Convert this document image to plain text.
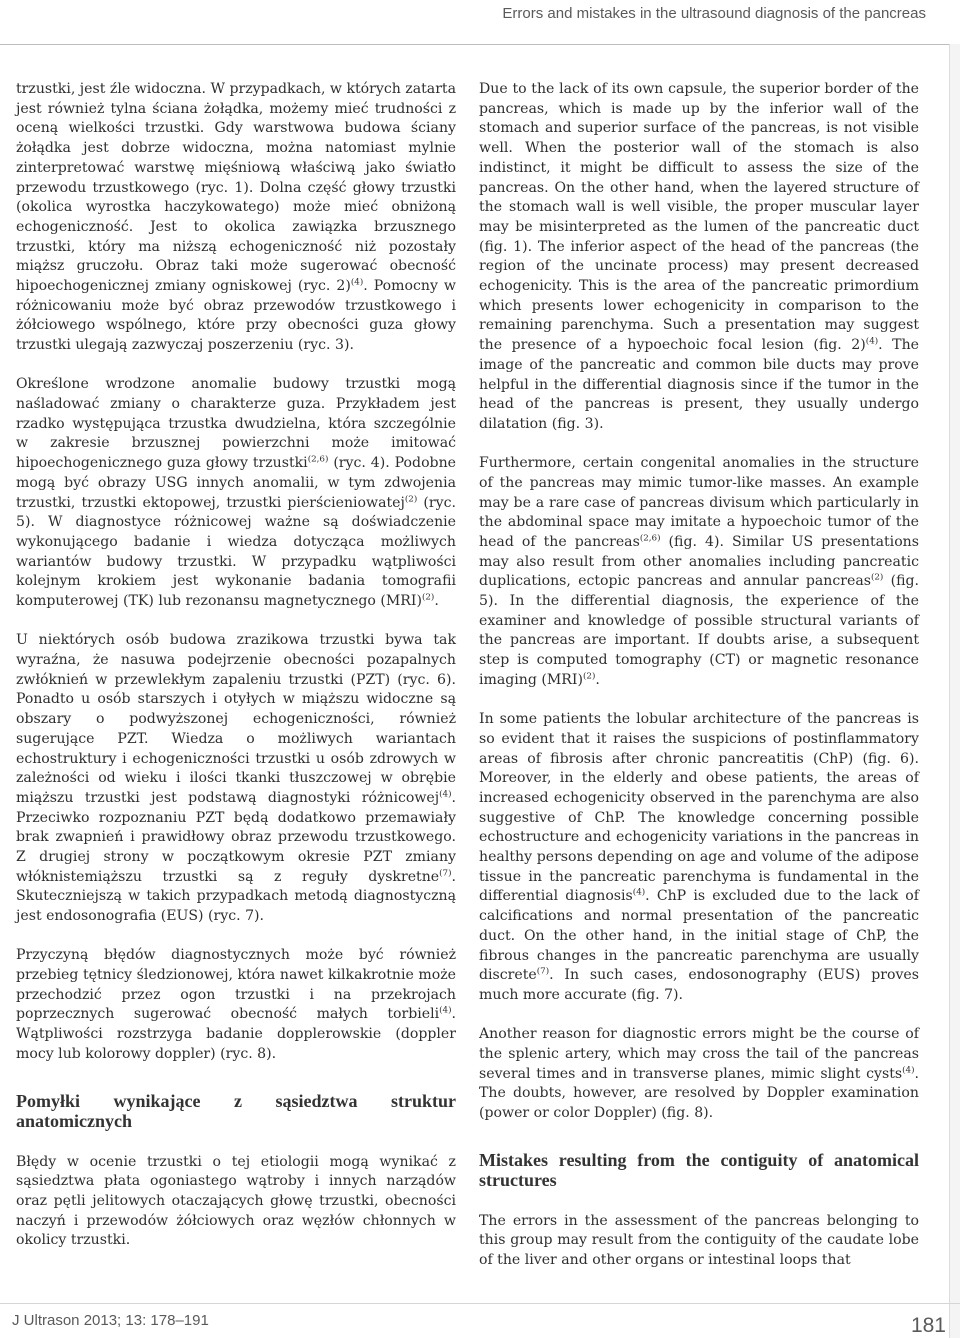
Errors and mistakes in the ultrasound diagnosis of the pancreas

trzustki, jest źle widoczna. W przypadkach, w których zatarta jest również tylna ściana żołądka, możemy mieć trudności z oceną wielkości trzustki. Gdy warstwowa budowa ściany żołądka jest dobrze widoczna, można natomiast mylnie zinterpretować warstwę mięśniową właściwą jako światło przewodu trzustkowego (ryc. 1). Dolna część głowy trzustki (okolica wyrostka haczykowatego) może mieć obniżoną echogeniczność. Jest to okolica zawiązka brzusznego trzustki, który ma niższą echogeniczność niż pozostały miąższ gruczołu. Obraz taki może sugerować obecność hipoechogenicznej zmiany ogniskowej (ryc. 2)$^{(4)}$. Pomocny w różnicowaniu może być obraz przewodów trzustkowego i żółciowego wspólnego, które przy obecności guza głowy trzustki ulegają zazwyczaj poszerzeniu (ryc. 3).

Określone wrodzone anomalie budowy trzustki mogą naśladować zmiany o charakterze guza. Przykładem jest rzadko występująca trzustka dwudzielna, która szczególnie w zakresie brzusznej powierzchni może imitować hipoechogenicznego guza głowy trzustki$^{(2,6)}$ (ryc. 4). Podobne mogą być obrazy USG innych anomalii, w tym zdwojenia trzustki, trzustki ektopowej, trzustki pierścieniowatej$^{(2)}$ (ryc. 5). W diagnostyce różnicowej ważne są doświadczenie wykonującego badanie i wiedza dotycząca możliwych wariantów budowy trzustki. W przypadku wątpliwości kolejnym krokiem jest wykonanie badania tomografii komputerowej (TK) lub rezonansu magnetycznego (MRI)$^{(2)}$.

U niektórych osób budowa zrazikowa trzustki bywa tak wyraźna, że nasuwa podejrzenie obecności pozapalnych zwłóknień w przewlekłym zapaleniu trzustki (PZT) (ryc. 6). Ponadto u osób starszych i otyłych w miąższu widoczne są obszary o podwyższonej echogeniczności, również sugerujące PZT. Wiedza o możliwych wariantach echostruktury i echogeniczności trzustki u osób zdrowych w zależności od wieku i ilości tkanki tłuszczowej w obrębie miąższu trzustki jest podstawą diagnostyki różnicowej$^{(4)}$. Przeciwko rozpoznaniu PZT będą dodatkowo przemawiały brak zwapnień i prawidłowy obraz przewodu trzustkowego. Z drugiej strony w początkowym okresie PZT zmiany włóknistemiąższu trzustki są z reguły dyskretne$^{(7)}$. Skuteczniejszą w takich przypadkach metodą diagnostyczną jest endosonografia (EUS) (ryc. 7).

Przyczyną błędów diagnostycznych może być również przebieg tętnicy śledzionowej, która nawet kilkakrotnie może przechodzić przez ogon trzustki i na przekrojach poprzecznych sugerować obecność małych torbieli$^{(4)}$. Wątpliwości rozstrzyga badanie dopplerowskie (doppler mocy lub kolorowy doppler) (ryc. 8).

Pomyłki wynikające z sąsiedztwa struktur anatomicznych

Błędy w ocenie trzustki o tej etiologii mogą wynikać z sąsiedztwa płata ogoniastego wątroby i innych narządów oraz pętli jelitowych otaczających głowę trzustki, obecności naczyń i przewodów żółciowych oraz węzłów chłonnych w okolicy trzustki.

Due to the lack of its own capsule, the superior border of the pancreas, which is made up by the inferior wall of the stomach and superior surface of the pancreas, is not visible well. When the posterior wall of the stomach is also indistinct, it might be difficult to assess the size of the pancreas. On the other hand, when the layered structure of the stomach wall is well visible, the proper muscular layer may be misinterpreted as the lumen of the pancreatic duct (fig. 1). The inferior aspect of the head of the pancreas (the region of the uncinate process) may present decreased echogenicity. This is the area of the pancreatic primordium which presents lower echogenicity in comparison to the remaining parenchyma. Such a presentation may suggest the presence of a hypoechoic focal lesion (fig. 2)$^{(4)}$. The image of the pancreatic and common bile ducts may prove helpful in the differential diagnosis since if the tumor in the head of the pancreas is present, they usually undergo dilatation (fig. 3).

Furthermore, certain congenital anomalies in the structure of the pancreas may mimic tumor-like masses. An example may be a rare case of pancreas divisum which particularly in the abdominal space may imitate a hypoechoic tumor of the head of the pancreas$^{(2,6)}$ (fig. 4). Similar US presentations may also result from other anomalies including pancreatic duplications, ectopic pancreas and annular pancreas$^{(2)}$ (fig. 5). In the differential diagnosis, the experience of the examiner and knowledge of possible structural variants of the pancreas are important. If doubts arise, a subsequent step is computed tomography (CT) or magnetic resonance imaging (MRI)$^{(2)}$.

In some patients the lobular architecture of the pancreas is so evident that it raises the suspicions of postinflammatory areas of fibrosis after chronic pancreatitis (ChP) (fig. 6). Moreover, in the elderly and obese patients, the areas of increased echogenicity observed in the parenchyma are also suggestive of ChP. The knowledge concerning possible echostructure and echogenicity variations in the pancreas in healthy persons depending on age and volume of the adipose tissue in the pancreatic parenchyma is fundamental in the differential diagnosis$^{(4)}$. ChP is excluded due to the lack of calcifications and normal presentation of the pancreatic duct. On the other hand, in the initial stage of ChP, the fibrous changes in the pancreatic parenchyma are usually discrete$^{(7)}$. In such cases, endosonography (EUS) proves much more accurate (fig. 7).

Another reason for diagnostic errors might be the course of the splenic artery, which may cross the tail of the pancreas several times and in transverse planes, mimic slight cysts$^{(4)}$. The doubts, however, are resolved by Doppler examination (power or color Doppler) (fig. 8).

Mistakes resulting from the contiguity of anatomical structures

The errors in the assessment of the pancreas belonging to this group may result from the contiguity of the caudate lobe of the liver and other organs or intestinal loops that

J Ultrason 2013; 13: 178–191	181
